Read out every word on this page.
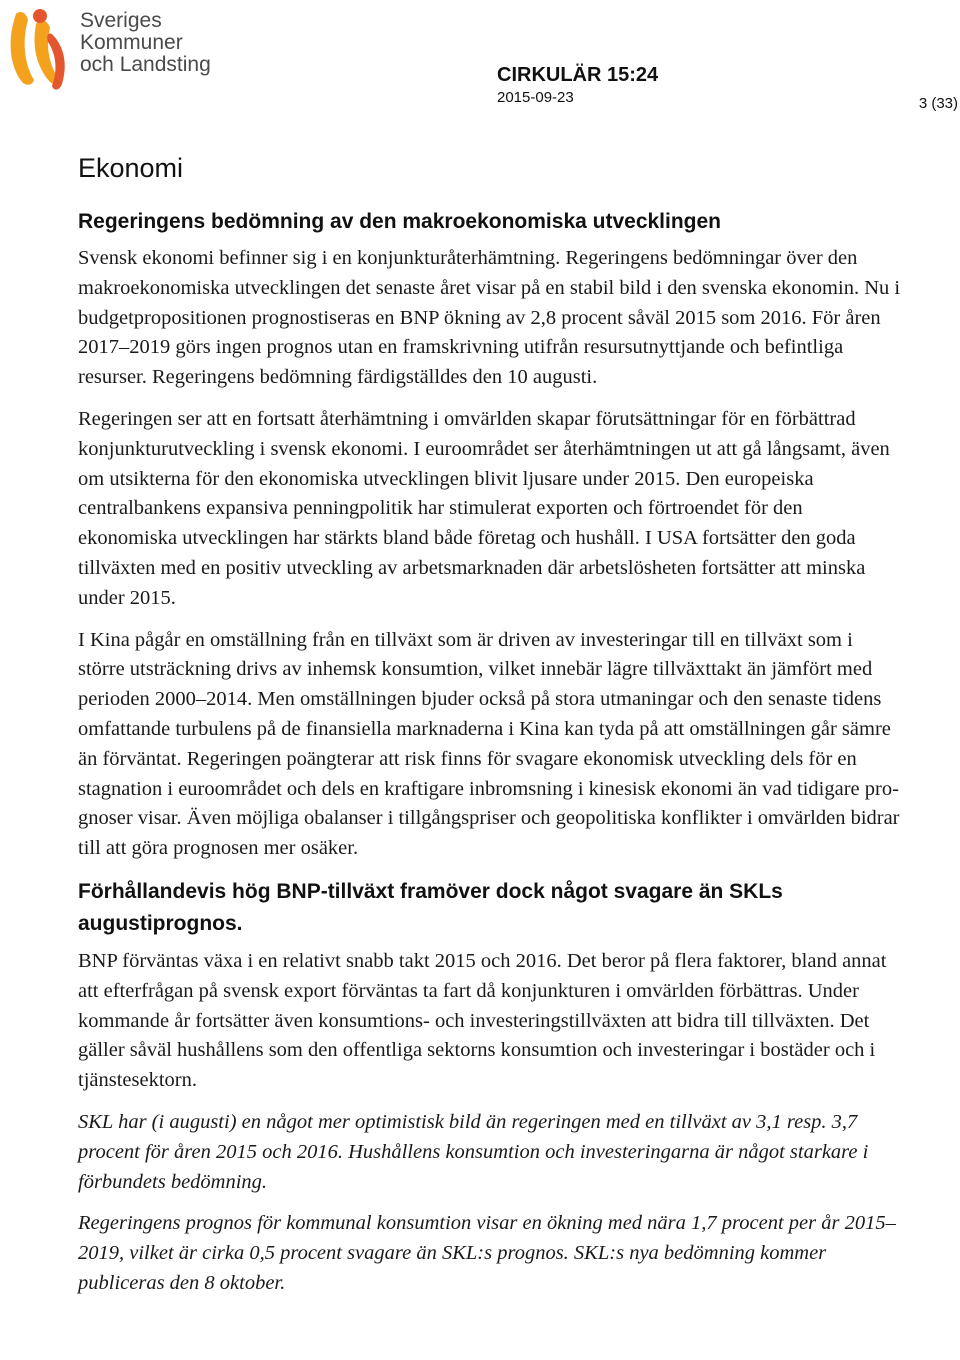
Sveriges
Kommuner
och Landsting	CIRKULÄR 15:24
2015-09-23	3 (33)
Ekonomi
Regeringens bedömning av den makroekonomiska utvecklingen

Svensk ekonomi befinner sig i en konjunkturåterhämtning. Regeringens bedömningar över den makroekonomiska utvecklingen det senaste året visar på en stabil bild i den svenska ekonomin. Nu i budgetpropositionen prognostiseras en BNP ökning av 2,8 procent såväl 2015 som 2016. För åren 2017–2019 görs ingen prognos utan en framskrivning utifrån resursutnyttjande och befintliga resurser. Regeringens bedömning färdigställdes den 10 augusti.

Regeringen ser att en fortsatt återhämtning i omvärlden skapar förutsättningar för en förbättrad konjunkturutveckling i svensk ekonomi. I euroområdet ser återhämtningen ut att gå långsamt, även om utsikterna för den ekonomiska utvecklingen blivit ljusare under 2015. Den europeiska centralbankens expansiva penningpolitik har stimulerat exporten och förtroendet för den ekonomiska utvecklingen har stärkts bland både företag och hushåll. I USA fortsätter den goda tillväxten med en positiv utveckling av arbetsmarknaden där arbetslösheten fortsätter att minska under 2015.

I Kina pågår en omställning från en tillväxt som är driven av investeringar till en tillväxt som i större utsträckning drivs av inhemsk konsumtion, vilket innebär lägre tillväxttakt än jämfört med perioden 2000–2014. Men omställningen bjuder också på stora utmaningar och den senaste tidens omfattande turbulens på de finansiella marknaderna i Kina kan tyda på att omställningen går sämre än förväntat. Regeringen poängterar att risk finns för svagare ekonomisk utveckling dels för en stagnation i euroområdet och dels en kraftigare inbromsning i kinesisk ekonomi än vad tidigare prognoser visar. Även möjliga obalanser i tillgångspriser och geopolitiska konflikter i omvärlden bidrar till att göra prognosen mer osäker.

Förhållandevis hög BNP-tillväxt framöver dock något svagare än SKLs augustiprognos.

BNP förväntas växa i en relativt snabb takt 2015 och 2016. Det beror på flera faktorer, bland annat att efterfrågan på svensk export förväntas ta fart då konjunkturen i omvärlden förbättras. Under kommande år fortsätter även konsumtions- och investeringstillväxten att bidra till tillväxten. Det gäller såväl hushållens som den offentliga sektorns konsumtion och investeringar i bostäder och i tjänstesektorn.

SKL har (i augusti) en något mer optimistisk bild än regeringen med en tillväxt av 3,1 resp. 3,7 procent för åren 2015 och 2016. Hushållens konsumtion och investeringarna är något starkare i förbundets bedömning.

Regeringens prognos för kommunal konsumtion visar en ökning med nära 1,7 procent per år 2015–2019, vilket är cirka 0,5 procent svagare än SKL:s prognos. SKL:s nya bedömning kommer publiceras den 8 oktober.
